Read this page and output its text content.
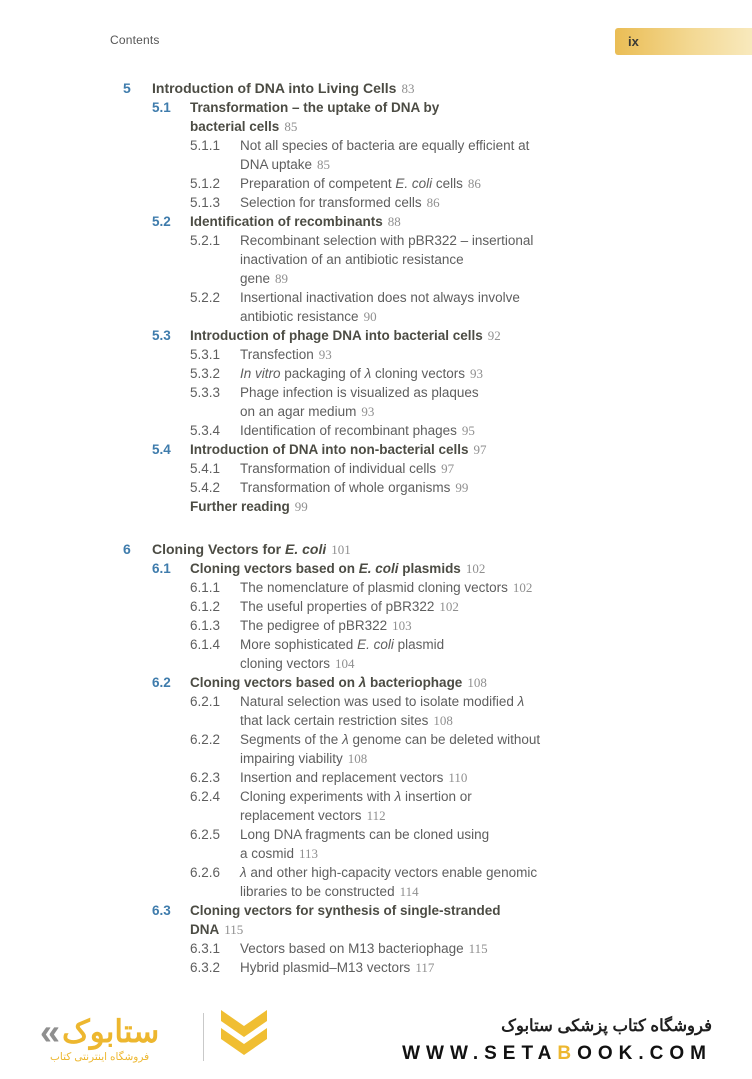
Contents	ix
5	Introduction of DNA into Living Cells 83
5.1	Transformation – the uptake of DNA by
bacterial cells 85
5.1.1	Not all species of bacteria are equally efficient at
DNA uptake 85
5.1.2	Preparation of competent E. coli cells 86
5.1.3	Selection for transformed cells 86
5.2	Identification of recombinants 88
5.2.1	Recombinant selection with pBR322 – insertional
inactivation of an antibiotic resistance
gene 89
5.2.2	Insertional inactivation does not always involve
antibiotic resistance 90
5.3	Introduction of phage DNA into bacterial cells 92
5.3.1	Transfection 93
5.3.2	In vitro packaging of λ cloning vectors 93
5.3.3	Phage infection is visualized as plaques
on an agar medium 93
5.3.4	Identification of recombinant phages 95
5.4	Introduction of DNA into non-bacterial cells 97
5.4.1	Transformation of individual cells 97
5.4.2	Transformation of whole organisms 99
Further reading 99
6	Cloning Vectors for E. coli 101
6.1	Cloning vectors based on E. coli plasmids 102
6.1.1	The nomenclature of plasmid cloning vectors 102
6.1.2	The useful properties of pBR322 102
6.1.3	The pedigree of pBR322 103
6.1.4	More sophisticated E. coli plasmid
cloning vectors 104
6.2	Cloning vectors based on λ bacteriophage 108
6.2.1	Natural selection was used to isolate modified λ
that lack certain restriction sites 108
6.2.2	Segments of the λ genome can be deleted without
impairing viability 108
6.2.3	Insertion and replacement vectors 110
6.2.4	Cloning experiments with λ insertion or
replacement vectors 112
6.2.5	Long DNA fragments can be cloned using
a cosmid 113
6.2.6	λ and other high-capacity vectors enable genomic
libraries to be constructed 114
6.3	Cloning vectors for synthesis of single-stranded
DNA 115
6.3.1	Vectors based on M13 bacteriophage 115
6.3.2	Hybrid plasmid–M13 vectors 117
« ستابوک
فروشگاه اینترنتی کتاب
فروشگاه کتاب پزشکی ستابوک
WWW.SETABOOK.COM
